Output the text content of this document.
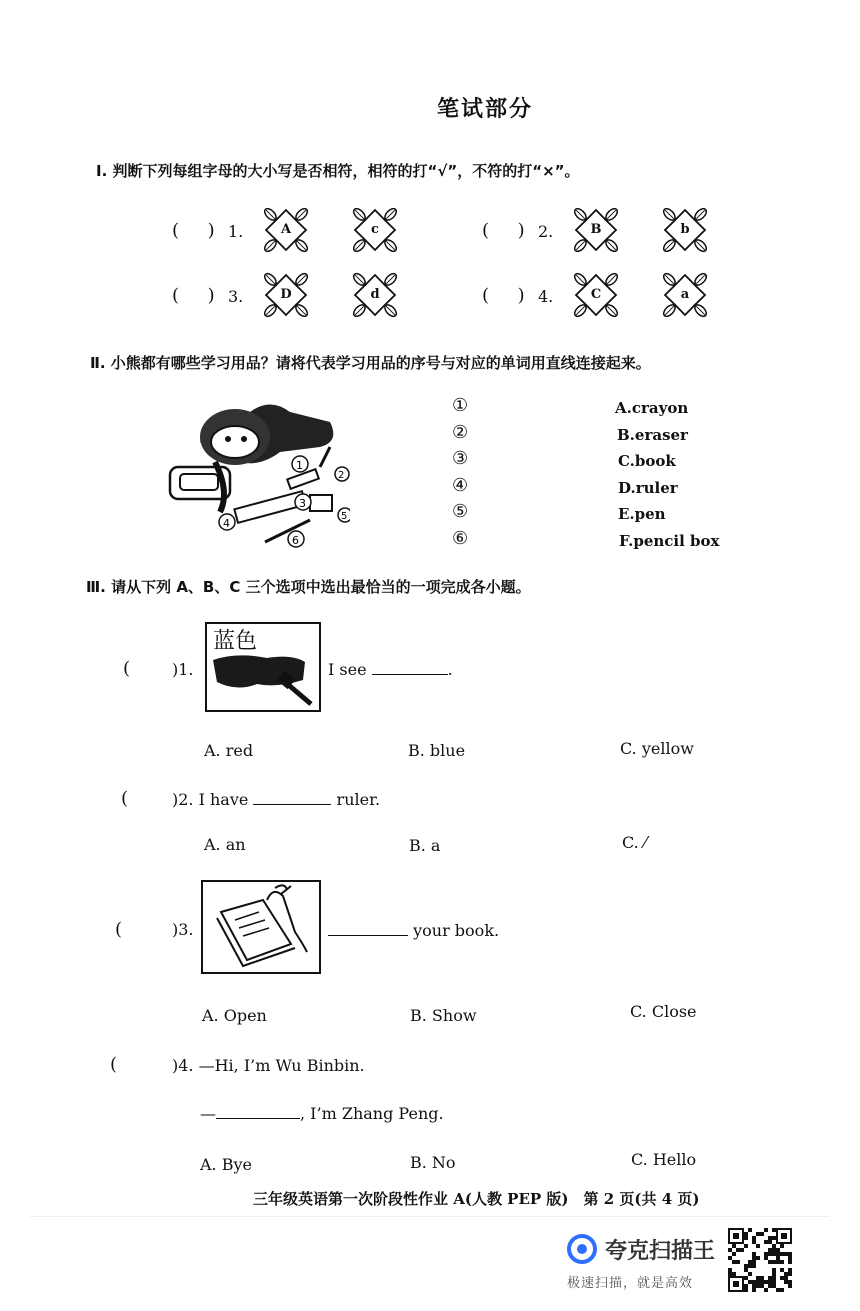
笔试部分
Ⅰ. 判断下列每组字母的大小写是否相符，相符的打“√”，不符的打“×”。
(     ) 1.	A	c	(     ) 2.	B	b
(     ) 3.	D	d	(     ) 4.	C	a
Ⅱ. 小熊都有哪些学习用品？请将代表学习用品的序号与对应的单词用直线连接起来。
1
2
3
4
5
6
①
②
③
④
⑤
⑥
A.crayon
B.eraser
C.book
D.ruler
E.pen
F.pencil box
Ⅲ. 请从下列 A、B、C 三个选项中选出最恰当的一项完成各小题。
(	)1.
蓝色
I see	.
A. red	B. blue	C. yellow
(	)2. I have	ruler.
A. an	B. a	C. ⁄
(	)3.	your book.
A. Open	B. Show	C. Close
(	)4. —Hi, I’m Wu Binbin.
—	, I’m Zhang Peng.
A. Bye	B. No	C. Hello
三年级英语第一次阶段性作业 A(人教 PEP 版)　第 2 页(共 4 页)
夸克扫描王
极速扫描，就是高效
